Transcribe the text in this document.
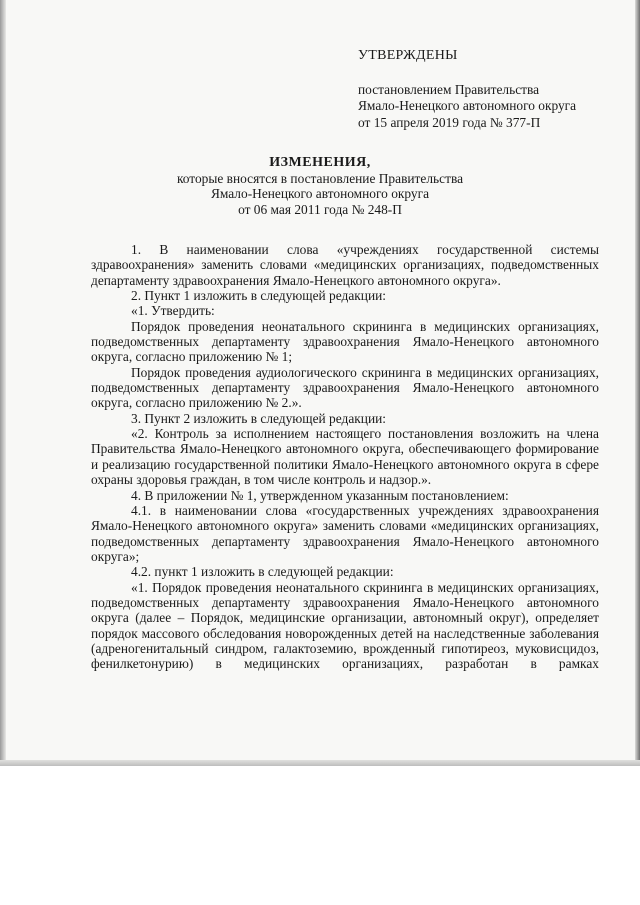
УТВЕРЖДЕНЫ
постановлением Правительства
Ямало-Ненецкого автономного округа
от 15 апреля 2019 года № 377-П
ИЗМЕНЕНИЯ,
которые вносятся в постановление Правительства
Ямало-Ненецкого автономного округа
от 06 мая 2011 года № 248-П

1. В наименовании слова «учреждениях государственной системы здравоохранения» заменить словами «медицинских организациях, подведомственных департаменту здравоохранения Ямало-Ненецкого автономного округа».

2. Пункт 1 изложить в следующей редакции:

«1. Утвердить:

Порядок проведения неонатального скрининга в медицинских организациях, подведомственных департаменту здравоохранения Ямало-Ненецкого автономного округа, согласно приложению № 1;

Порядок проведения аудиологического скрининга в медицинских организациях, подведомственных департаменту здравоохранения Ямало-Ненецкого автономного округа, согласно приложению № 2.».

3. Пункт 2 изложить в следующей редакции:

«2. Контроль за исполнением настоящего постановления возложить на члена Правительства Ямало-Ненецкого автономного округа, обеспечивающего формирование и реализацию государственной политики Ямало-Ненецкого автономного округа в сфере охраны здоровья граждан, в том числе контроль и надзор.».

4. В приложении № 1, утвержденном указанным постановлением:

4.1. в наименовании слова «государственных учреждениях здравоохранения Ямало-Ненецкого автономного округа» заменить словами «медицинских организациях, подведомственных департаменту здравоохранения Ямало-Ненецкого автономного округа»;

4.2. пункт 1 изложить в следующей редакции:

«1. Порядок проведения неонатального скрининга в медицинских организациях, подведомственных департаменту здравоохранения Ямало-Ненецкого автономного округа (далее – Порядок, медицинские организации, автономный округ), определяет порядок массового обследования новорожденных детей на наследственные заболевания (адреногенитальный синдром, галактоземию, врожденный гипотиреоз, муковисцидоз, фенилкетонурию) в медицинских организациях, разработан в рамках
